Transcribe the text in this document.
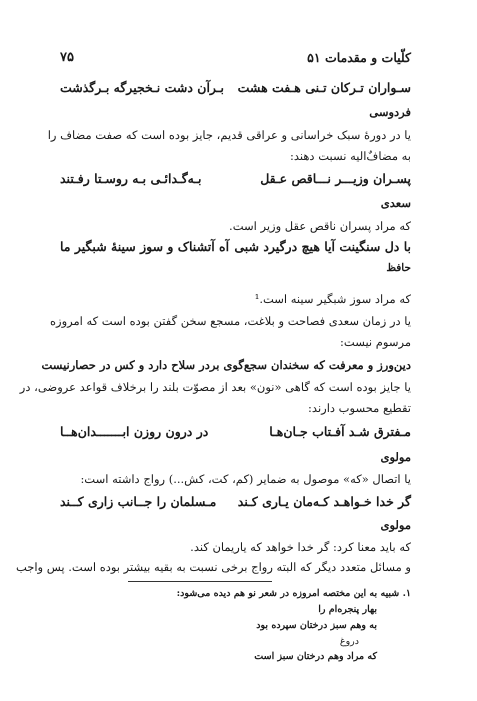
کلّیات و مقدمات ۵۱
۷۵
سـواران تـرکان تـنی هـفت هشت
بـرآن دشت نـخجیرگه بـرگذشت
فردوسی
یا در دورهٔ سبک خراسانی و عراقی قدیم، جایز بوده است که صفت مضاف را
به مضافٌ‌الیه نسبت دهند:
پسـران وزیـــر نـــاقص عـقل
بـه‌گـدائـی بـه روسـتا رفـتند
سعدی
که مراد پسران ناقص عقل وزیر است.
با دل سنگینت آیا هیچ درگیرد شبی
آه آتشناک و سوز سینهٔ شبگیر ما
حافظ
که مراد سوز شبگیر سینه است.¹
یا در زمان سعدی فصاحت و بلاغت، مسجع سخن گفتن بوده است که امروزه
مرسوم نیست:
دین‌ورز و معرفت که سخندان سجع‌گوی بردر سلاح دارد و کس در حصارنیست
یا جایز بوده است که گاهی «نون» بعد از مصوّت بلند را برخلاف قواعد عروضی، در
تقطیع محسوب دارند:
مـفترق شـد آفـتاب جـان‌هـا
در درون روزن ابـــــــدان‌هــا
مولوی
یا اتصال «که» موصول به ضمایر (کم، کت، کش...) رواج داشته است:
گر خدا خـواهـد کـه‌مان یـاری کـند
مـسلمان را جــانب زاری کــند
مولوی
که باید معنا کرد: گر خدا خواهد که یاریمان کند.
و مسائل متعدد دیگر که البته رواج برخی نسبت به بقیه بیشتر بوده است. پس واجب
۱. شبیه به این مختصه امروزه در شعر نو هم دیده می‌شود:
بهار پنجره‌ام را
به وهم سبز درختان سپرده بود
دروغ
که مراد وهم درختان سبز است
